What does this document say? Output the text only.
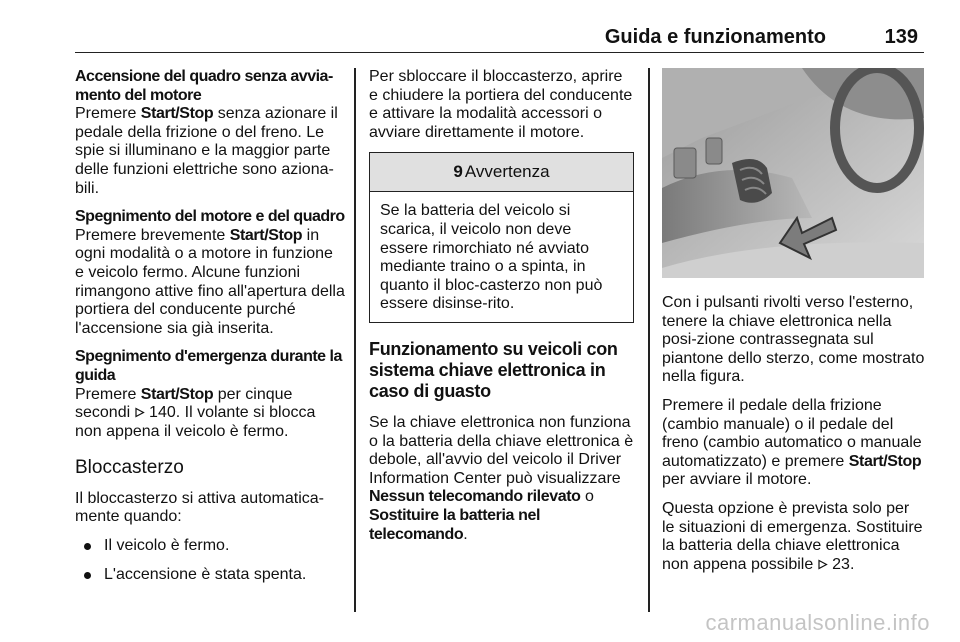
Guida e funzionamento	139

Accensione del quadro senza avvia-mento del motore
Premere Start/Stop senza azionare il pedale della frizione o del freno. Le spie si illuminano e la maggior parte delle funzioni elettriche sono aziona-bili.

Spegnimento del motore e del quadro
Premere brevemente Start/Stop in ogni modalità o a motore in funzione e veicolo fermo. Alcune funzioni rimangono attive fino all'apertura della portiera del conducente purché l'accensione sia già inserita.

Spegnimento d'emergenza durante la guida
Premere Start/Stop per cinque secondi  140. Il volante si blocca non appena il veicolo è fermo.

Bloccasterzo

Il bloccasterzo si attiva automatica-mente quando:

Il veicolo è fermo.
L'accensione è stata spenta.

Per sbloccare il bloccasterzo, aprire e chiudere la portiera del conducente e attivare la modalità accessori o avviare direttamente il motore.

9 Avvertenza
Se la batteria del veicolo si scarica, il veicolo non deve essere rimorchiato né avviato mediante traino o a spinta, in quanto il bloc-casterzo non può essere disinse-rito.
Funzionamento su veicoli con sistema chiave elettronica in caso di guasto

Se la chiave elettronica non funziona o la batteria della chiave elettronica è debole, all'avvio del veicolo il Driver Information Center può visualizzare Nessun telecomando rilevato o Sostituire la batteria nel telecomando.

Con i pulsanti rivolti verso l'esterno, tenere la chiave elettronica nella posi-zione contrassegnata sul piantone dello sterzo, come mostrato nella figura.

Premere il pedale della frizione (cambio manuale) o il pedale del freno (cambio automatico o manuale automatizzato) e premere Start/Stop per avviare il motore.

Questa opzione è prevista solo per le situazioni di emergenza. Sostituire la batteria della chiave elettronica non appena possibile  23.

carmanualsonline.info
